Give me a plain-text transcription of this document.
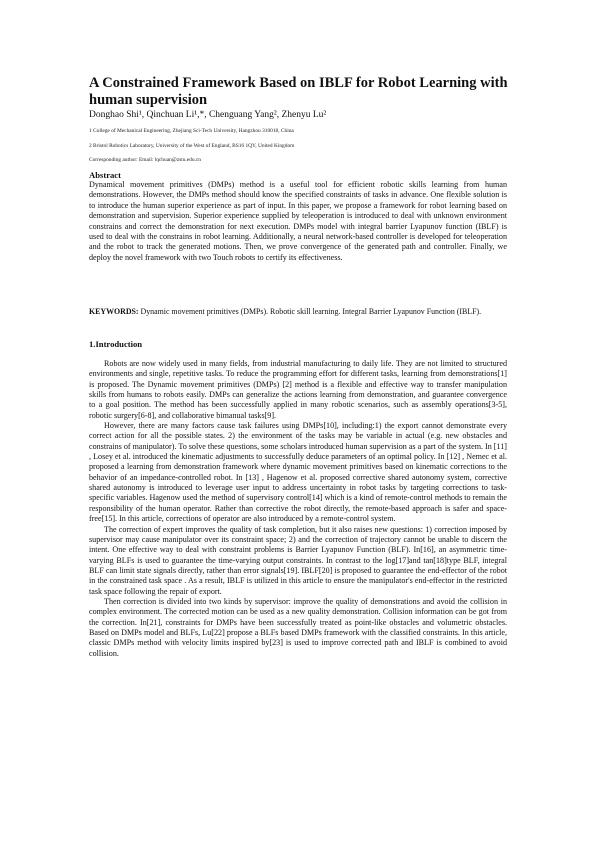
A Constrained Framework Based on IBLF for Robot Learning with human supervision
Donghao Shi¹, Qinchuan Li¹,*, Chenguang Yang², Zhenyu Lu²
1 College of Mechanical Engineering, Zhejiang Sci-Tech University, Hangzhou 310018, China
2 Bristol Robotics Laboratory, University of the West of England, BS16 1QY, United Kingdom
Corresponding author: Email: lqchuan@zstu.edu.cn
Abstract
Dynamical movement primitives (DMPs) method is a useful tool for efficient robotic skills learning from human demonstrations. However, the DMPs method should know the specified constraints of tasks in advance. One flexible solution is to introduce the human superior experience as part of input. In this paper, we propose a framework for robot learning based on demonstration and supervision. Superior experience supplied by teleoperation is introduced to deal with unknown environment constrains and correct the demonstration for next execution. DMPs model with integral barrier Lyapunov function (IBLF) is used to deal with the constrains in robot learning. Additionally, a neural network-based controller is developed for teleoperation and the robot to track the generated motions. Then, we prove convergence of the generated path and controller. Finally, we deploy the novel framework with two Touch robots to certify its effectiveness.
KEYWORDS: Dynamic movement primitives (DMPs). Robotic skill learning. Integral Barrier Lyapunov Function (IBLF).
1.Introduction

Robots are now widely used in many fields, from industrial manufacturing to daily life. They are not limited to structured environments and single, repetitive tasks. To reduce the programming effort for different tasks, learning from demonstrations[1] is proposed. The Dynamic movement primitives (DMPs) [2] method is a flexible and effective way to transfer manipulation skills from humans to robots easily. DMPs can generalize the actions learning from demonstration, and guarantee convergence to a goal position. The method has been successfully applied in many robotic scenarios, such as assembly operations[3-5], robotic surgery[6-8], and collaborative bimanual tasks[9].

However, there are many factors cause task failures using DMPs[10], including:1) the export cannot demonstrate every correct action for all the possible states. 2) the environment of the tasks may be variable in actual (e.g. new obstacles and constrains of manipulator). To solve these questions, some scholars introduced human supervision as a part of the system. In [11] , Losey et al. introduced the kinematic adjustments to successfully deduce parameters of an optimal policy. In [12] , Nemec et al. proposed a learning from demonstration framework where dynamic movement primitives based on kinematic corrections to the behavior of an impedance-controlled robot. In [13] , Hagenow et al. proposed corrective shared autonomy system, corrective shared autonomy is introduced to leverage user input to address uncertainty in robot tasks by targeting corrections to task-specific variables. Hagenow used the method of supervisory control[14] which is a kind of remote-control methods to remain the responsibility of the human operator. Rather than corrective the robot directly, the remote-based approach is safer and space-free[15]. In this article, corrections of operator are also introduced by a remote-control system.

The correction of expert improves the quality of task completion, but it also raises new questions: 1) correction imposed by supervisor may cause manipulator over its constraint space; 2) and the correction of trajectory cannot be unable to discern the intent. One effective way to deal with constraint problems is Barrier Lyapunov Function (BLF). In[16], an asymmetric time-varying BLFs is used to guarantee the time-varying output constraints. In contrast to the log[17]and tan[18]type BLF, integral BLF can limit state signals directly, rather than error signals[19]. IBLF[20] is proposed to guarantee the end-effector of the robot in the constrained task space . As a result, IBLF is utilized in this article to ensure the manipulator's end-effector in the restricted task space following the repair of export.

Then correction is divided into two kinds by supervisor: improve the quality of demonstrations and avoid the collision in complex environment. The corrected motion can be used as a new quality demonstration. Collision information can be got from the correction. In[21], constraints for DMPs have been successfully treated as point-like obstacles and volumetric obstacles. Based on DMPs model and BLFs, Lu[22] propose a BLFs based DMPs framework with the classified constraints. In this article, classic DMPs method with velocity limits inspired by[23] is used to improve corrected path and IBLF is combined to avoid collision.
